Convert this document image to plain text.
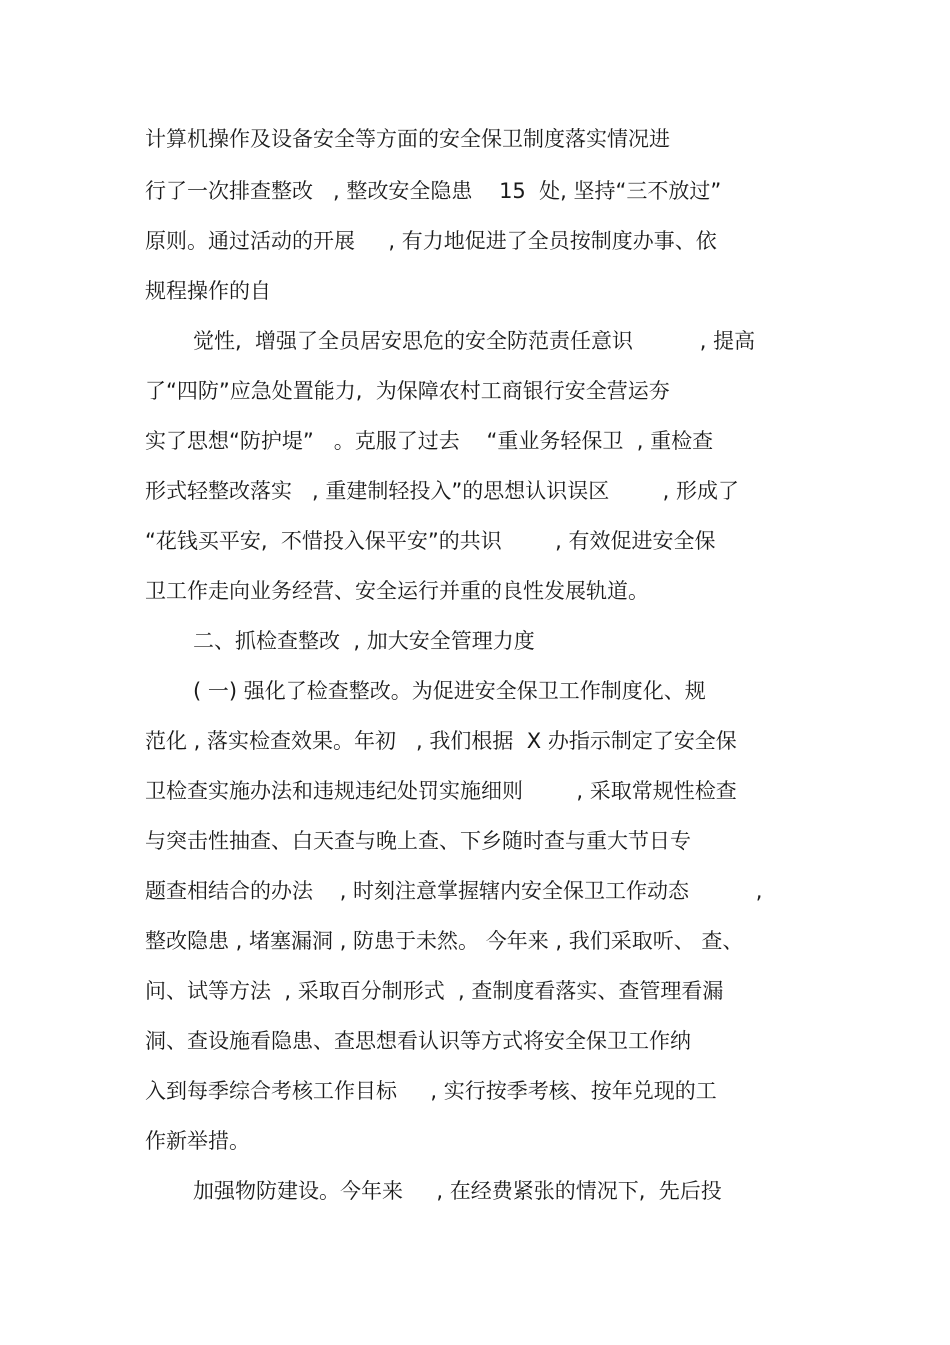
计算机操作及设备安全等方面的安全保卫制度落实情况进
行了一次排查整改   , 整改安全隐患    15  处, 坚持“三不放过”
原则。通过活动的开展     , 有力地促进了全员按制度办事、依
规程操作的自
觉性,  增强了全员居安思危的安全防范责任意识          , 提高
了“四防”应急处置能力,  为保障农村工商银行安全营运夯
实了思想“防护堤”   。克服了过去    “重业务轻保卫  , 重检查
形式轻整改落实   , 重建制轻投入”的思想认识误区        , 形成了
“花钱买平安,  不惜投入保平安”的共识        , 有效促进安全保
卫工作走向业务经营、安全运行并重的良性发展轨道。
二、抓检查整改  , 加大安全管理力度
( 一) 强化了检查整改。为促进安全保卫工作制度化、规
范化 , 落实检查效果。年初   , 我们根据  X 办指示制定了安全保
卫检查实施办法和违规违纪处罚实施细则        , 采取常规性检查
与突击性抽查、白天查与晚上查、下乡随时查与重大节日专
题查相结合的办法    , 时刻注意掌握辖内安全保卫工作动态          ,
整改隐患 , 堵塞漏洞 , 防患于未然。 今年来 , 我们采取听、 查、
问、试等方法  , 采取百分制形式  , 查制度看落实、查管理看漏
洞、查设施看隐患、查思想看认识等方式将安全保卫工作纳
入到每季综合考核工作目标     , 实行按季考核、按年兑现的工
作新举措。
加强物防建设。今年来     , 在经费紧张的情况下,  先后投
